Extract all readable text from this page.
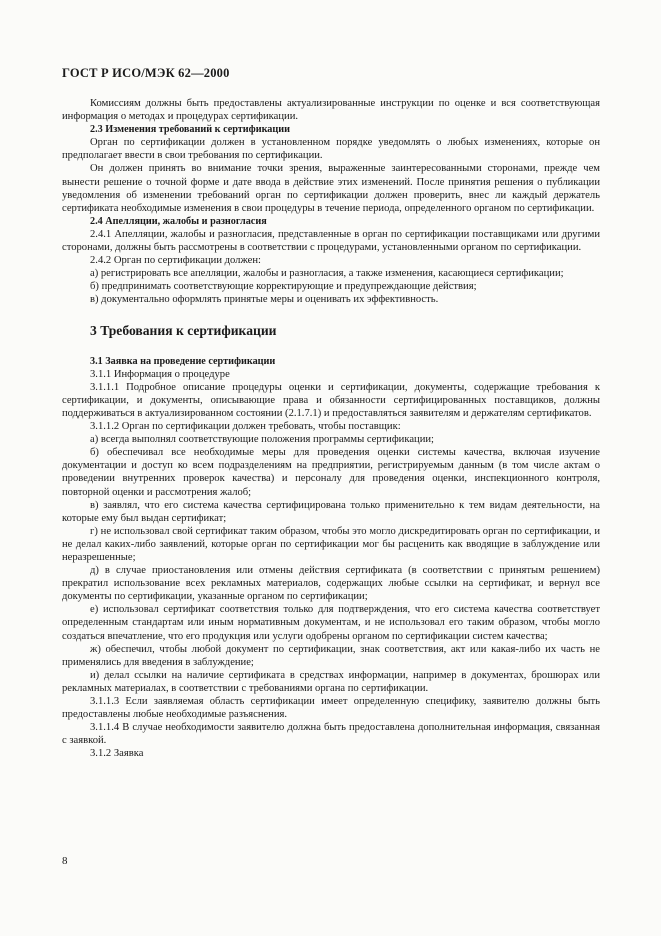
ГОСТ Р ИСО/МЭК 62—2000

Комиссиям должны быть предоставлены актуализированные инструкции по оценке и вся соответствующая информация о методах и процедурах сертификации.

2.3 Изменения требований к сертификации

Орган по сертификации должен в установленном порядке уведомлять о любых изменениях, которые он предполагает ввести в свои требования по сертификации.

Он должен принять во внимание точки зрения, выраженные заинтересованными сторонами, прежде чем вынести решение о точной форме и дате ввода в действие этих изменений. После принятия решения о публикации уведомления об изменении требований орган по сертификации должен проверить, внес ли каждый держатель сертификата необходимые изменения в свои процедуры в течение периода, определенного органом по сертификации.

2.4 Апелляции, жалобы и разногласия

2.4.1 Апелляции, жалобы и разногласия, представленные в орган по сертификации поставщиками или другими сторонами, должны быть рассмотрены в соответствии с процедурами, установленными органом по сертификации.

2.4.2 Орган по сертификации должен:

а) регистрировать все апелляции, жалобы и разногласия, а также изменения, касающиеся сертификации;

б) предпринимать соответствующие корректирующие и предупреждающие действия;

в) документально оформлять принятые меры и оценивать их эффективность.

3 Требования к сертификации
3.1 Заявка на проведение сертификации

3.1.1 Информация о процедуре

3.1.1.1 Подробное описание процедуры оценки и сертификации, документы, содержащие требования к сертификации, и документы, описывающие права и обязанности сертифицированных поставщиков, должны поддерживаться в актуализированном состоянии (2.1.7.1) и предоставляться заявителям и держателям сертификатов.

3.1.1.2 Орган по сертификации должен требовать, чтобы поставщик:

а) всегда выполнял соответствующие положения программы сертификации;

б) обеспечивал все необходимые меры для проведения оценки системы качества, включая изучение документации и доступ ко всем подразделениям на предприятии, регистрируемым данным (в том числе актам о проведении внутренних проверок качества) и персоналу для проведения оценки, инспекционного контроля, повторной оценки и рассмотрения жалоб;

в) заявлял, что его система качества сертифицирована только применительно к тем видам деятельности, на которые ему был выдан сертификат;

г) не использовал свой сертификат таким образом, чтобы это могло дискредитировать орган по сертификации, и не делал каких-либо заявлений, которые орган по сертификации мог бы расценить как вводящие в заблуждение или неразрешенные;

д) в случае приостановления или отмены действия сертификата (в соответствии с принятым решением) прекратил использование всех рекламных материалов, содержащих любые ссылки на сертификат, и вернул все документы по сертификации, указанные органом по сертификации;

е) использовал сертификат соответствия только для подтверждения, что его система качества соответствует определенным стандартам или иным нормативным документам, и не использовал его таким образом, чтобы могло создаться впечатление, что его продукция или услуги одобрены органом по сертификации систем качества;

ж) обеспечил, чтобы любой документ по сертификации, знак соответствия, акт или какая-либо их часть не применялись для введения в заблуждение;

и) делал ссылки на наличие сертификата в средствах информации, например в документах, брошюрах или рекламных материалах, в соответствии с требованиями органа по сертификации.

3.1.1.3 Если заявляемая область сертификации имеет определенную специфику, заявителю должны быть предоставлены любые необходимые разъяснения.

3.1.1.4 В случае необходимости заявителю должна быть предоставлена дополнительная информация, связанная с заявкой.

3.1.2 Заявка

8
